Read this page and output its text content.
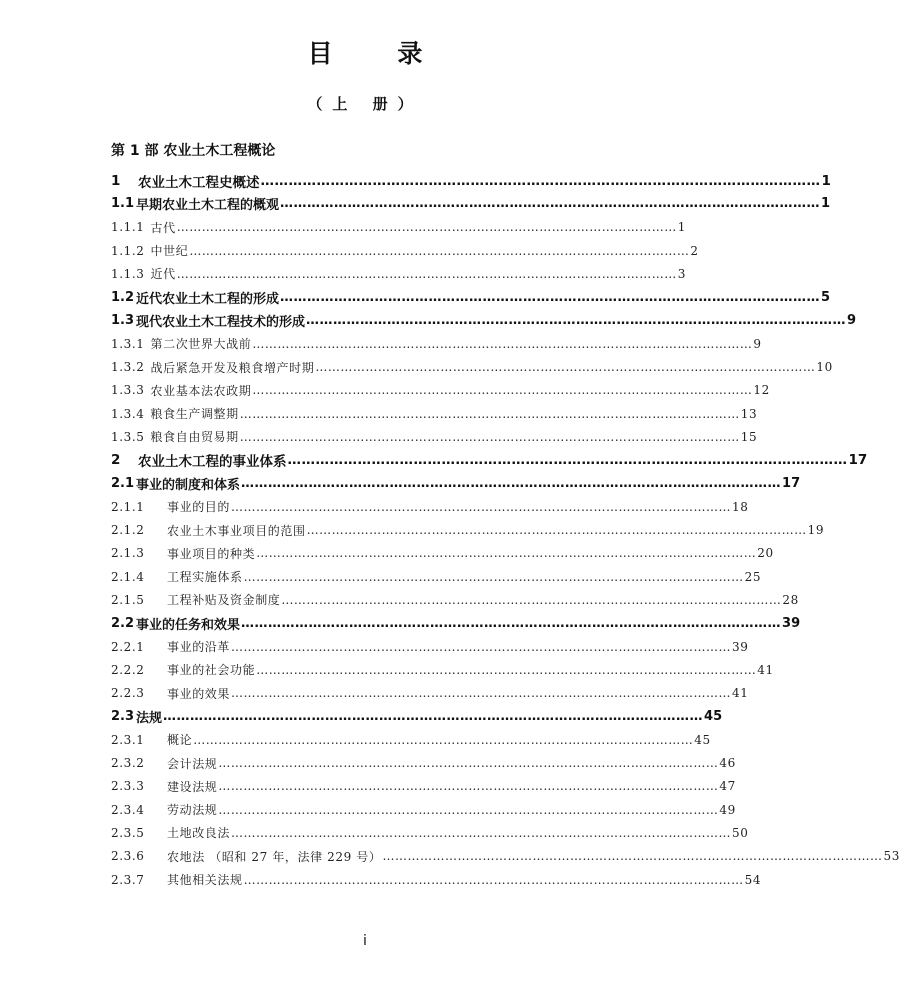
目 录
（上 册）
第 1 部 农业土木工程概论
1	农业土木工程史概述 ………………………………………………………………………………………………………… 1
1.1 早期农业土木工程的概观 ………………………………………………………………………………………………………… 1
1.1.1 古代 ………………………………………………………………………………………………………… 1
1.1.2 中世纪 ………………………………………………………………………………………………………… 2
1.1.3 近代 ………………………………………………………………………………………………………… 3
1.2 近代农业土木工程的形成 ………………………………………………………………………………………………………… 5
1.3 现代农业土木工程技术的形成 ………………………………………………………………………………………………………… 9
1.3.1 第二次世界大战前 ………………………………………………………………………………………………………… 9
1.3.2 战后紧急开发及粮食增产时期 ………………………………………………………………………………………………………… 10
1.3.3 农业基本法农政期 ………………………………………………………………………………………………………… 12
1.3.4 粮食生产调整期 ………………………………………………………………………………………………………… 13
1.3.5 粮食自由贸易期 ………………………………………………………………………………………………………… 15
2	农业土木工程的事业体系 ………………………………………………………………………………………………………… 17
2.1 事业的制度和体系 ………………………………………………………………………………………………………… 17
2.1.1	事业的目的 ………………………………………………………………………………………………………… 18
2.1.2	农业土木事业项目的范围 ………………………………………………………………………………………………………… 19
2.1.3	事业项目的种类 ………………………………………………………………………………………………………… 20
2.1.4	工程实施体系 ………………………………………………………………………………………………………… 25
2.1.5	工程补贴及资金制度 ………………………………………………………………………………………………………… 28
2.2 事业的任务和效果 ………………………………………………………………………………………………………… 39
2.2.1	事业的沿革 ………………………………………………………………………………………………………… 39
2.2.2	事业的社会功能 ………………………………………………………………………………………………………… 41
2.2.3	事业的效果 ………………………………………………………………………………………………………… 41
2.3 法规 ………………………………………………………………………………………………………… 45
2.3.1	概论 ………………………………………………………………………………………………………… 45
2.3.2	会计法规 ………………………………………………………………………………………………………… 46
2.3.3	建设法规 ………………………………………………………………………………………………………… 47
2.3.4	劳动法规 ………………………………………………………………………………………………………… 49
2.3.5	土地改良法 ………………………………………………………………………………………………………… 50
2.3.6	农地法 （昭和 27 年，法律 229 号） ………………………………………………………………………………………………………… 53
2.3.7	其他相关法规 ………………………………………………………………………………………………………… 54
i
